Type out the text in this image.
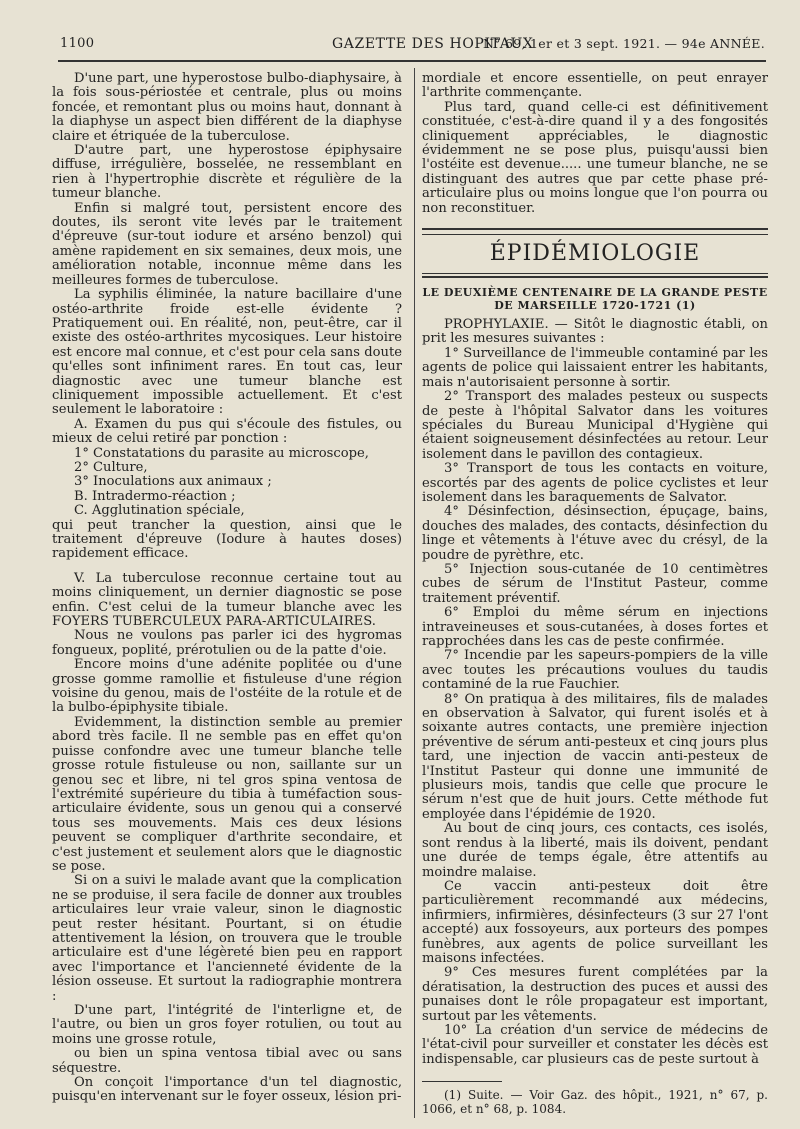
1100	GAZETTE DES HOPITAUX
N° 69, 1er et 3 sept. 1921. — 94e ANNÉE.

D'une part, une hyperostose bulbo-diaphysaire, à la fois sous-périostée et centrale, plus ou moins foncée, et remontant plus ou moins haut, donnant à la diaphyse un aspect bien différent de la diaphyse claire et étriquée de la tuberculose.

D'autre part, une hyperostose épiphysaire diffuse, irrégulière, bosselée, ne ressemblant en rien à l'hypertrophie discrète et régulière de la tumeur blanche.

Enfin si malgré tout, persistent encore des doutes, ils seront vite levés par le traitement d'épreuve (sur-tout iodure et arséno benzol) qui amène rapidement en six semaines, deux mois, une amélioration notable, inconnue même dans les meilleures formes de tuberculose.

La syphilis éliminée, la nature bacillaire d'une ostéo-arthrite froide est-elle évidente ? Pratiquement oui. En réalité, non, peut-être, car il existe des ostéo-arthrites mycosiques. Leur histoire est encore mal connue, et c'est pour cela sans doute qu'elles sont infiniment rares. En tout cas, leur diagnostic avec une tumeur blanche est cliniquement impossible actuellement. Et c'est seulement le laboratoire :

A. Examen du pus qui s'écoule des fistules, ou mieux de celui retiré par ponction :

1° Constatations du parasite au microscope,

2° Culture,

3° Inoculations aux animaux ;

B. Intradermo-réaction ;

C. Agglutination spéciale,

qui peut trancher la question, ainsi que le traitement d'épreuve (Iodure à hautes doses) rapidement efficace.

V. La tuberculose reconnue certaine tout au moins cliniquement, un dernier diagnostic se pose enfin. C'est celui de la tumeur blanche avec les FOYERS TUBERCULEUX PARA-ARTICULAIRES.

Nous ne voulons pas parler ici des hygromas fongueux, poplité, prérotulien ou de la patte d'oie.

Encore moins d'une adénite poplitée ou d'une grosse gomme ramollie et fistuleuse d'une région voisine du genou, mais de l'ostéite de la rotule et de la bulbo-épiphysite tibiale.

Evidemment, la distinction semble au premier abord très facile. Il ne semble pas en effet qu'on puisse confondre avec une tumeur blanche telle grosse rotule fistuleuse ou non, saillante sur un genou sec et libre, ni tel gros spina ventosa de l'extrémité supérieure du tibia à tuméfaction sous-articulaire évidente, sous un genou qui a conservé tous ses mouvements. Mais ces deux lésions peuvent se compliquer d'arthrite secondaire, et c'est justement et seulement alors que le diagnostic se pose.

Si on a suivi le malade avant que la complication ne se produise, il sera facile de donner aux troubles articulaires leur vraie valeur, sinon le diagnostic peut rester hésitant. Pourtant, si on étudie attentivement la lésion, on trouvera que le trouble articulaire est d'une légèreté bien peu en rapport avec l'importance et l'ancienneté évidente de la lésion osseuse. Et surtout la radiographie montrera :

D'une part, l'intégrité de l'interligne et, de l'autre, ou bien un gros foyer rotulien, ou tout au moins une grosse rotule,

ou bien un spina ventosa tibial avec ou sans séquestre.

On conçoit l'importance d'un tel diagnostic, puisqu'en intervenant sur le foyer osseux, lésion pri-

mordiale et encore essentielle, on peut enrayer l'arthrite commençante.

Plus tard, quand celle-ci est définitivement constituée, c'est-à-dire quand il y a des fongosités cliniquement appréciables, le diagnostic évidemment ne se pose plus, puisqu'aussi bien l'ostéite est devenue..... une tumeur blanche, ne se distinguant des autres que par cette phase pré-articulaire plus ou moins longue que l'on pourra ou non reconstituer.

ÉPIDÉMIOLOGIE
LE DEUXIÈME CENTENAIRE DE LA GRANDE PESTE DE MARSEILLE 1720-1721 (1)

PROPHYLAXIE. — Sitôt le diagnostic établi, on prit les mesures suivantes :

1° Surveillance de l'immeuble contaminé par les agents de police qui laissaient entrer les habitants, mais n'autorisaient personne à sortir.

2° Transport des malades pesteux ou suspects de peste à l'hôpital Salvator dans les voitures spéciales du Bureau Municipal d'Hygiène qui étaient soigneusement désinfectées au retour. Leur isolement dans le pavillon des contagieux.

3° Transport de tous les contacts en voiture, escortés par des agents de police cyclistes et leur isolement dans les baraquements de Salvator.

4° Désinfection, désinsection, épuçage, bains, douches des malades, des contacts, désinfection du linge et vêtements à l'étuve avec du crésyl, de la poudre de pyrèthre, etc.

5° Injection sous-cutanée de 10 centimètres cubes de sérum de l'Institut Pasteur, comme traitement préventif.

6° Emploi du même sérum en injections intraveineuses et sous-cutanées, à doses fortes et rapprochées dans les cas de peste confirmée.

7° Incendie par les sapeurs-pompiers de la ville avec toutes les précautions voulues du taudis contaminé de la rue Fauchier.

8° On pratiqua à des militaires, fils de malades en observation à Salvator, qui furent isolés et à soixante autres contacts, une première injection préventive de sérum anti-pesteux et cinq jours plus tard, une injection de vaccin anti-pesteux de l'Institut Pasteur qui donne une immunité de plusieurs mois, tandis que celle que procure le sérum n'est que de huit jours. Cette méthode fut employée dans l'épidémie de 1920.

Au bout de cinq jours, ces contacts, ces isolés, sont rendus à la liberté, mais ils doivent, pendant une durée de temps égale, être attentifs au moindre malaise.

Ce vaccin anti-pesteux doit être particulièrement recommandé aux médecins, infirmiers, infirmières, désinfecteurs (3 sur 27 l'ont accepté) aux fossoyeurs, aux porteurs des pompes funèbres, aux agents de police surveillant les maisons infectées.

9° Ces mesures furent complétées par la dératisation, la destruction des puces et aussi des punaises dont le rôle propagateur est important, surtout par les vêtements.

10° La création d'un service de médecins de l'état-civil pour surveiller et constater les décès est indispensable, car plusieurs cas de peste surtout à

(1) Suite. — Voir Gaz. des hôpit., 1921, n° 67, p. 1066, et n° 68, p. 1084.
